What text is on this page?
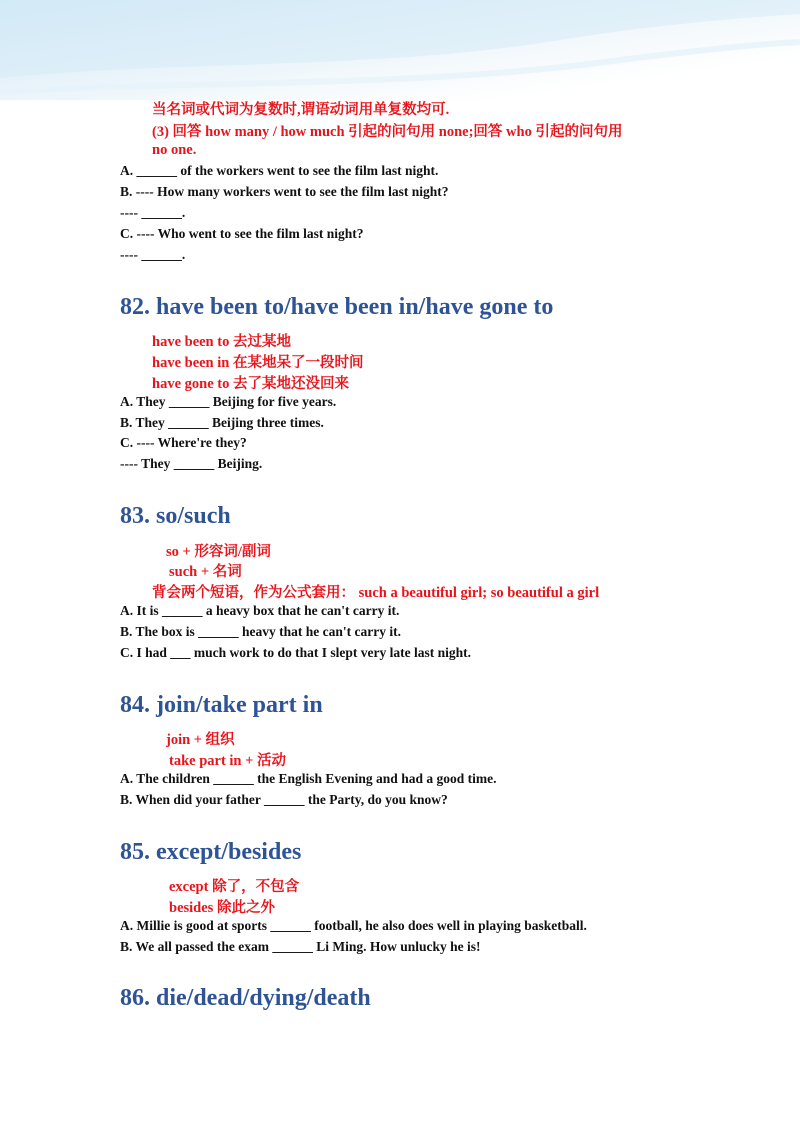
当名词或代词为复数时,谓语动词用单复数均可.
(3) 回答 how many / how much 引起的问句用 none;回答 who 引起的问句用
no one.
A. ______ of the workers went to see the film last night.
B. ---- How many workers went to see the film last night?
---- ______.
C. ---- Who went to see the film last night?
---- ______.
82. have been to/have been in/have gone to
have been to 去过某地
have been in 在某地呆了一段时间
have gone to 去了某地还没回来
A. They ______ Beijing for five years.
B. They ______ Beijing three times.
C. ---- Where're they?
---- They ______ Beijing.
83. so/such
so + 形容词/副词
such + 名词
背会两个短语，作为公式套用： such a beautiful girl; so beautiful a girl
A. It is ______ a heavy box that he can't carry it.
B. The box is ______ heavy that he can't carry it.
C. I had ___ much work to do that I slept very late last night.
84. join/take part in
join + 组织
take part in + 活动
A. The children ______ the English Evening and had a good time.
B. When did your father ______ the Party, do you know?
85. except/besides
except 除了，不包含
besides 除此之外
A. Millie is good at sports ______ football, he also does well in playing basketball.
B. We all passed the exam ______ Li Ming. How unlucky he is!
86. die/dead/dying/death
